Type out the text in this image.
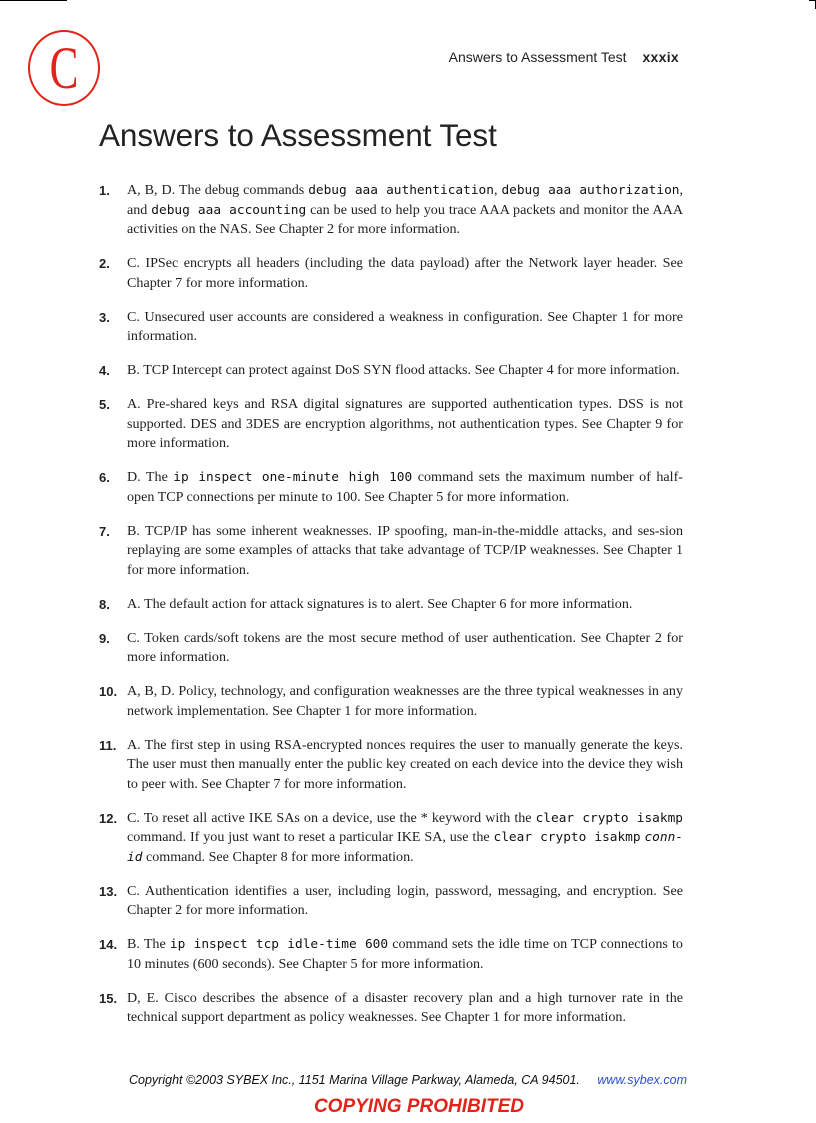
C	Answers to Assessment Test xxxix
Answers to Assessment Test
1. A, B, D. The debug commands debug aaa authentication, debug aaa authorization, and debug aaa accounting can be used to help you trace AAA packets and monitor the AAA activities on the NAS. See Chapter 2 for more information.
2. C. IPSec encrypts all headers (including the data payload) after the Network layer header. See Chapter 7 for more information.
3. C. Unsecured user accounts are considered a weakness in configuration. See Chapter 1 for more information.
4. B. TCP Intercept can protect against DoS SYN flood attacks. See Chapter 4 for more information.
5. A. Pre-shared keys and RSA digital signatures are supported authentication types. DSS is not supported. DES and 3DES are encryption algorithms, not authentication types. See Chapter 9 for more information.
6. D. The ip inspect one-minute high 100 command sets the maximum number of half-open TCP connections per minute to 100. See Chapter 5 for more information.
7. B. TCP/IP has some inherent weaknesses. IP spoofing, man-in-the-middle attacks, and ses-sion replaying are some examples of attacks that take advantage of TCP/IP weaknesses. See Chapter 1 for more information.
8. A. The default action for attack signatures is to alert. See Chapter 6 for more information.
9. C. Token cards/soft tokens are the most secure method of user authentication. See Chapter 2 for more information.
10. A, B, D. Policy, technology, and configuration weaknesses are the three typical weaknesses in any network implementation. See Chapter 1 for more information.
11. A. The first step in using RSA-encrypted nonces requires the user to manually generate the keys. The user must then manually enter the public key created on each device into the device they wish to peer with. See Chapter 7 for more information.
12. C. To reset all active IKE SAs on a device, use the * keyword with the clear crypto isakmp command. If you just want to reset a particular IKE SA, use the clear crypto isakmp conn-id command. See Chapter 8 for more information.
13. C. Authentication identifies a user, including login, password, messaging, and encryption. See Chapter 2 for more information.
14. B. The ip inspect tcp idle-time 600 command sets the idle time on TCP connections to 10 minutes (600 seconds). See Chapter 5 for more information.
15. D, E. Cisco describes the absence of a disaster recovery plan and a high turnover rate in the technical support department as policy weaknesses. See Chapter 1 for more information.
Copyright ©2003 SYBEX Inc., 1151 Marina Village Parkway, Alameda, CA 94501. www.sybex.com
COPYING PROHIBITED
